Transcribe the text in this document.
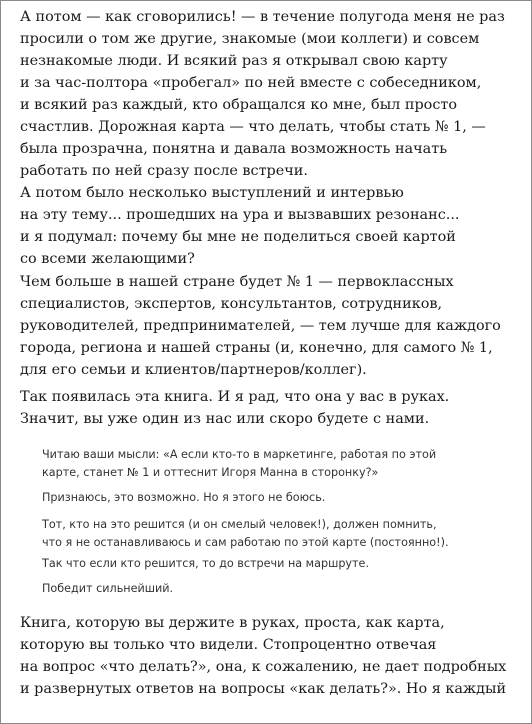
А потом — как сговорились! — в течение полугода меня не раз
просили о том же другие, знакомые (мои коллеги) и совсем
незнакомые люди. И всякий раз я открывал свою карту
и за час-полтора «пробегал» по ней вместе с собеседником,
и всякий раз каждый, кто обращался ко мне, был просто
счастлив. Дорожная карта — что делать, чтобы стать № 1, —
была прозрачна, понятна и давала возможность начать
работать по ней сразу после встречи.

А потом было несколько выступлений и интервью
на эту тему... прошедших на ура и вызвавших резонанс...
и я подумал: почему бы мне не поделиться своей картой
со всеми желающими?

Чем больше в нашей стране будет № 1 — первоклассных
специалистов, экспертов, консультантов, сотрудников,
руководителей, предпринимателей, — тем лучше для каждого
города, региона и нашей страны (и, конечно, для самого № 1,
для его семьи и клиентов/партнеров/коллег).

Так появилась эта книга. И я рад, что она у вас в руках.
Значит, вы уже один из нас или скоро будете с нами.

Книга, которую вы держите в руках, проста, как карта,
которую вы только что видели. Стопроцентно отвечая
на вопрос «что делать?», она, к сожалению, не дает подробных
и развернутых ответов на вопросы «как делать?». Но я каждый

Читаю ваши мысли: «А если кто-то в маркетинге, работая по этой
карте, станет № 1 и оттеснит Игоря Манна в сторонку?»

Признаюсь, это возможно. Но я этого не боюсь.

Тот, кто на это решится (и он смелый человек!), должен помнить,
что я не останавливаюсь и сам работаю по этой карте (постоянно!).

Так что если кто решится, то до встречи на маршруте.

Победит сильнейший.
